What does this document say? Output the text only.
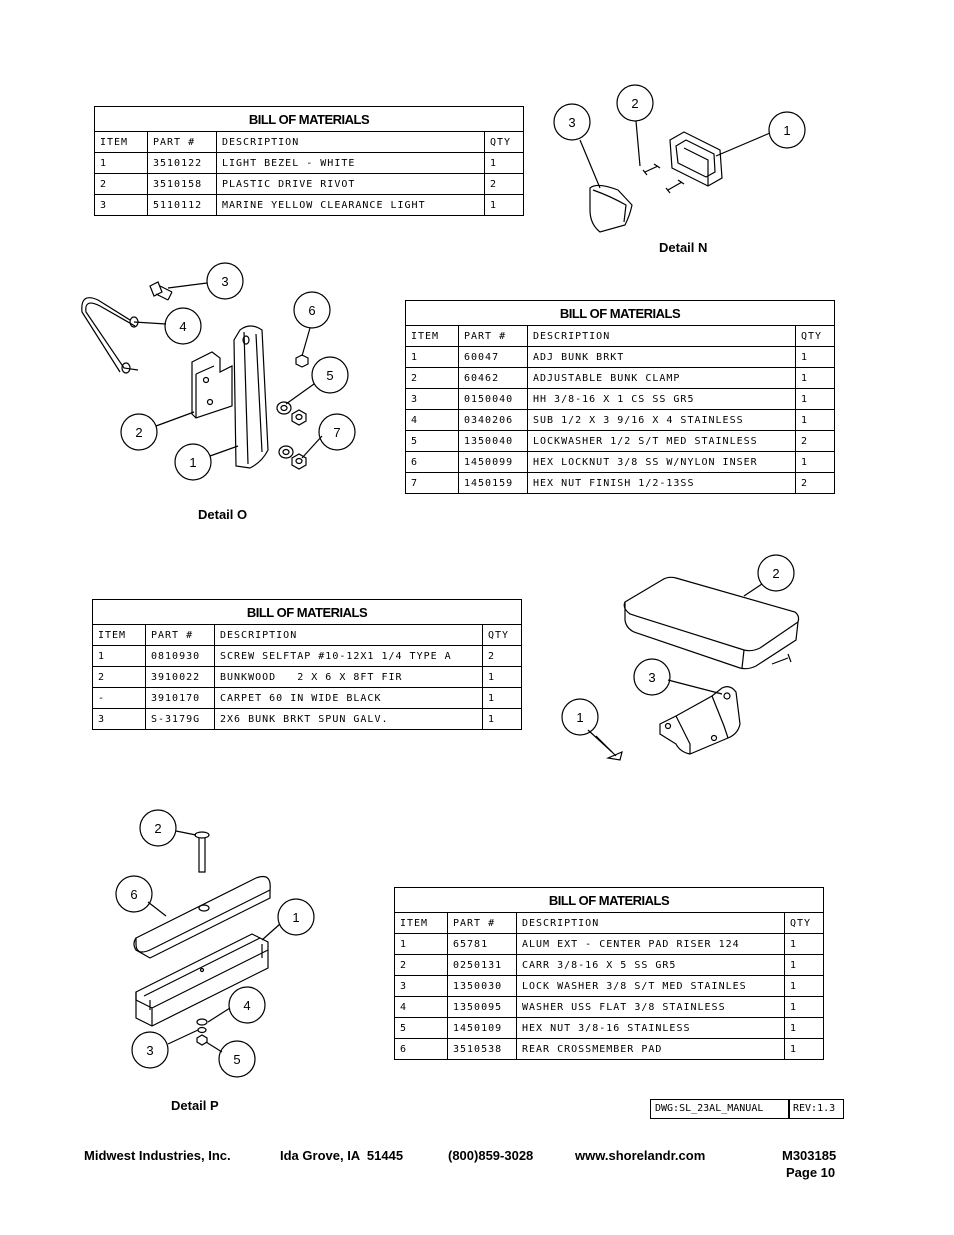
BILL OF MATERIALS			
ITEM	PART #	DESCRIPTION	QTY
1	3510122	LIGHT BEZEL - WHITE	1
2	3510158	PLASTIC DRIVE RIVOT	2
3	5110112	MARINE YELLOW CLEARANCE LIGHT	1
BILL OF MATERIALS			
ITEM	PART #	DESCRIPTION	QTY
1	60047	ADJ BUNK BRKT	1
2	60462	ADJUSTABLE BUNK CLAMP	1
3	0150040	HH 3/8-16 X 1 CS SS GR5	1
4	0340206	SUB 1/2 X 3 9/16 X 4 STAINLESS	1
5	1350040	LOCKWASHER 1/2 S/T MED STAINLESS	2
6	1450099	HEX LOCKNUT 3/8 SS W/NYLON INSER	1
7	1450159	HEX NUT FINISH 1/2-13SS	2
BILL OF MATERIALS			
ITEM	PART #	DESCRIPTION	QTY
1	0810930	SCREW SELFTAP #10-12X1 1/4 TYPE A	2
2	3910022	BUNKWOOD   2 X 6 X 8FT FIR	1
-	3910170	CARPET 60 IN WIDE BLACK	1
3	S-3179G	2X6 BUNK BRKT SPUN GALV.	1
BILL OF MATERIALS			
ITEM	PART #	DESCRIPTION	QTY
1	65781	ALUM EXT - CENTER PAD RISER 124	1
2	0250131	CARR 3/8-16 X 5 SS GR5	1
3	1350030	LOCK WASHER 3/8 S/T MED STAINLES	1
4	1350095	WASHER USS FLAT 3/8 STAINLESS	1
5	1450109	HEX NUT 3/8-16 STAINLESS	1
6	3510538	REAR CROSSMEMBER PAD	1
3
2
1
3
4
6
5
2	7
1
2
3
1
2
6
1
4
3
5
Detail N
Detail O
Detail P	DWG:SL_23AL_MANUAL	REV:1.3
Midwest Industries, Inc.	Ida Grove, IA  51445	(800)859-3028	www.shorelandr.com	M303185
Page 10
